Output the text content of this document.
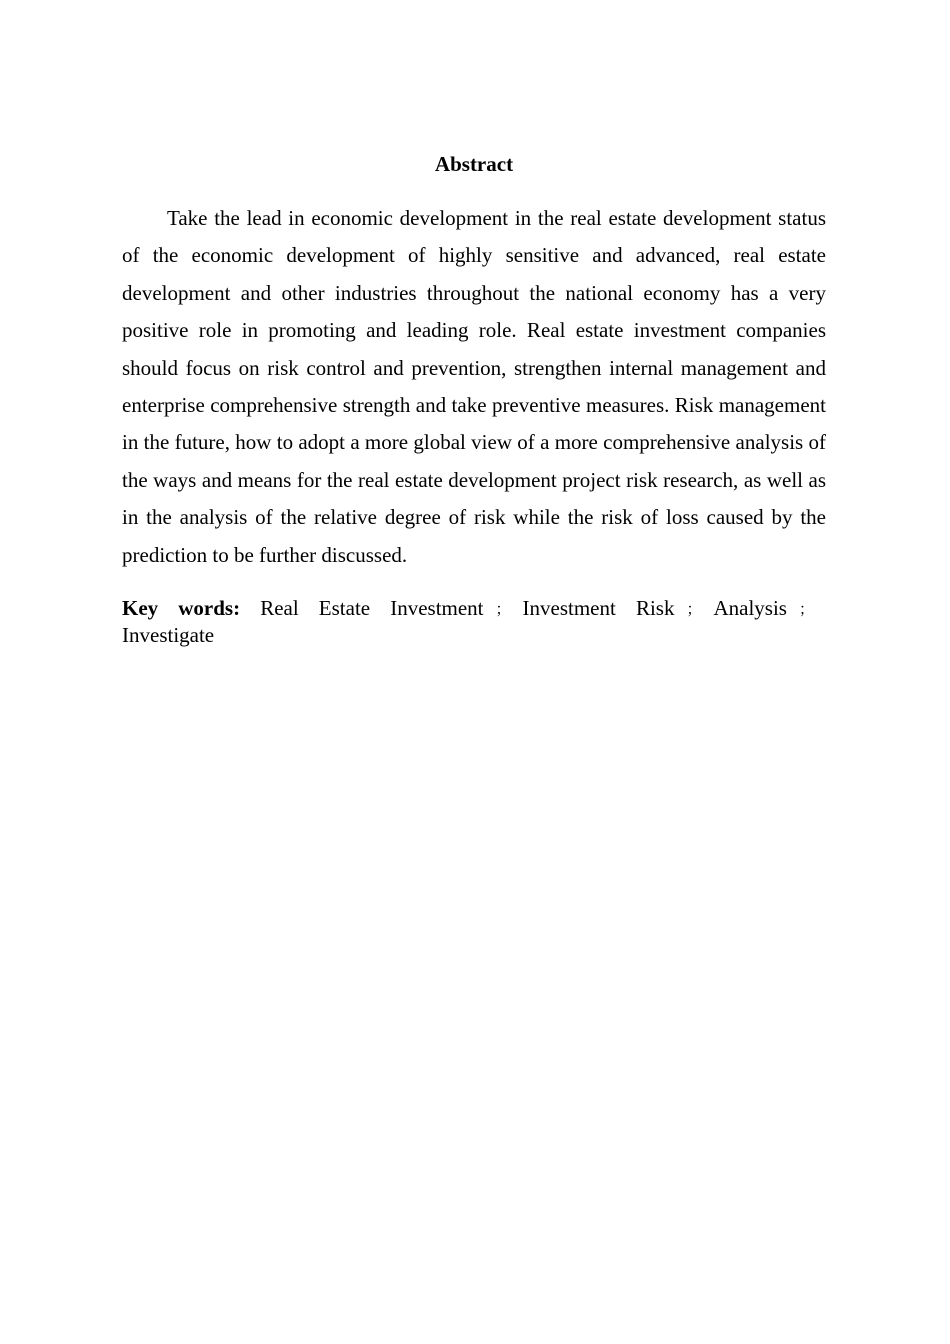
Abstract

Take the lead in economic development in the real estate development status of the economic development of highly sensitive and advanced, real estate development and other industries throughout the national economy has a very positive role in promoting and leading role. Real estate investment companies should focus on risk control and prevention, strengthen internal management and enterprise comprehensive strength and take preventive measures. Risk management in the future, how to adopt a more global view of a more comprehensive analysis of the ways and means for the real estate development project risk research, as well as in the analysis of the relative degree of risk while the risk of loss caused by the prediction to be further discussed.

Key words: Real Estate Investment ； Investment Risk ； Analysis ；Investigate
